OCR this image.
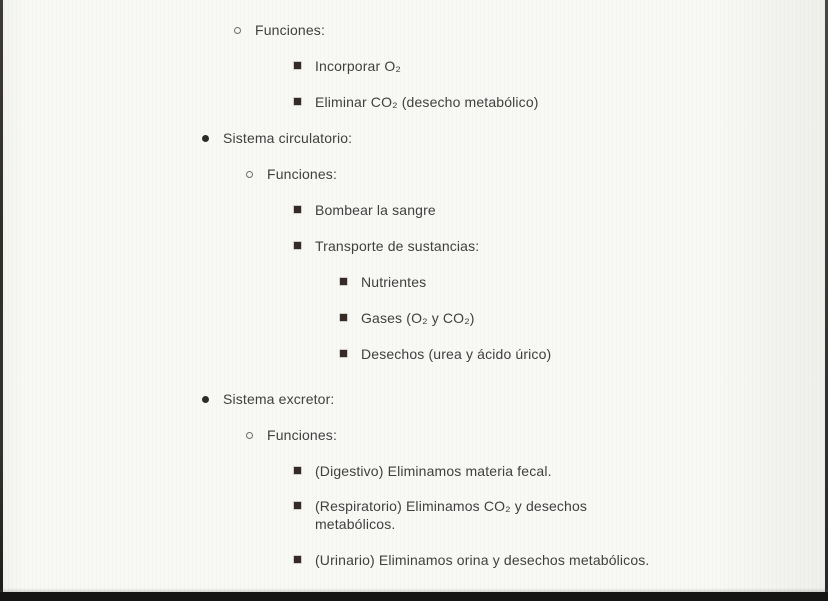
Funciones:
Incorporar O₂
Eliminar CO₂ (desecho metabólico)
Sistema circulatorio:
Funciones:
Bombear la sangre
Transporte de sustancias:
Nutrientes
Gases (O₂ y CO₂)
Desechos (urea y ácido úrico)
Sistema excretor:
Funciones:
(Digestivo) Eliminamos materia fecal.
(Respiratorio) Eliminamos CO₂ y desechos metabólicos.
(Urinario) Eliminamos orina y desechos metabólicos.
